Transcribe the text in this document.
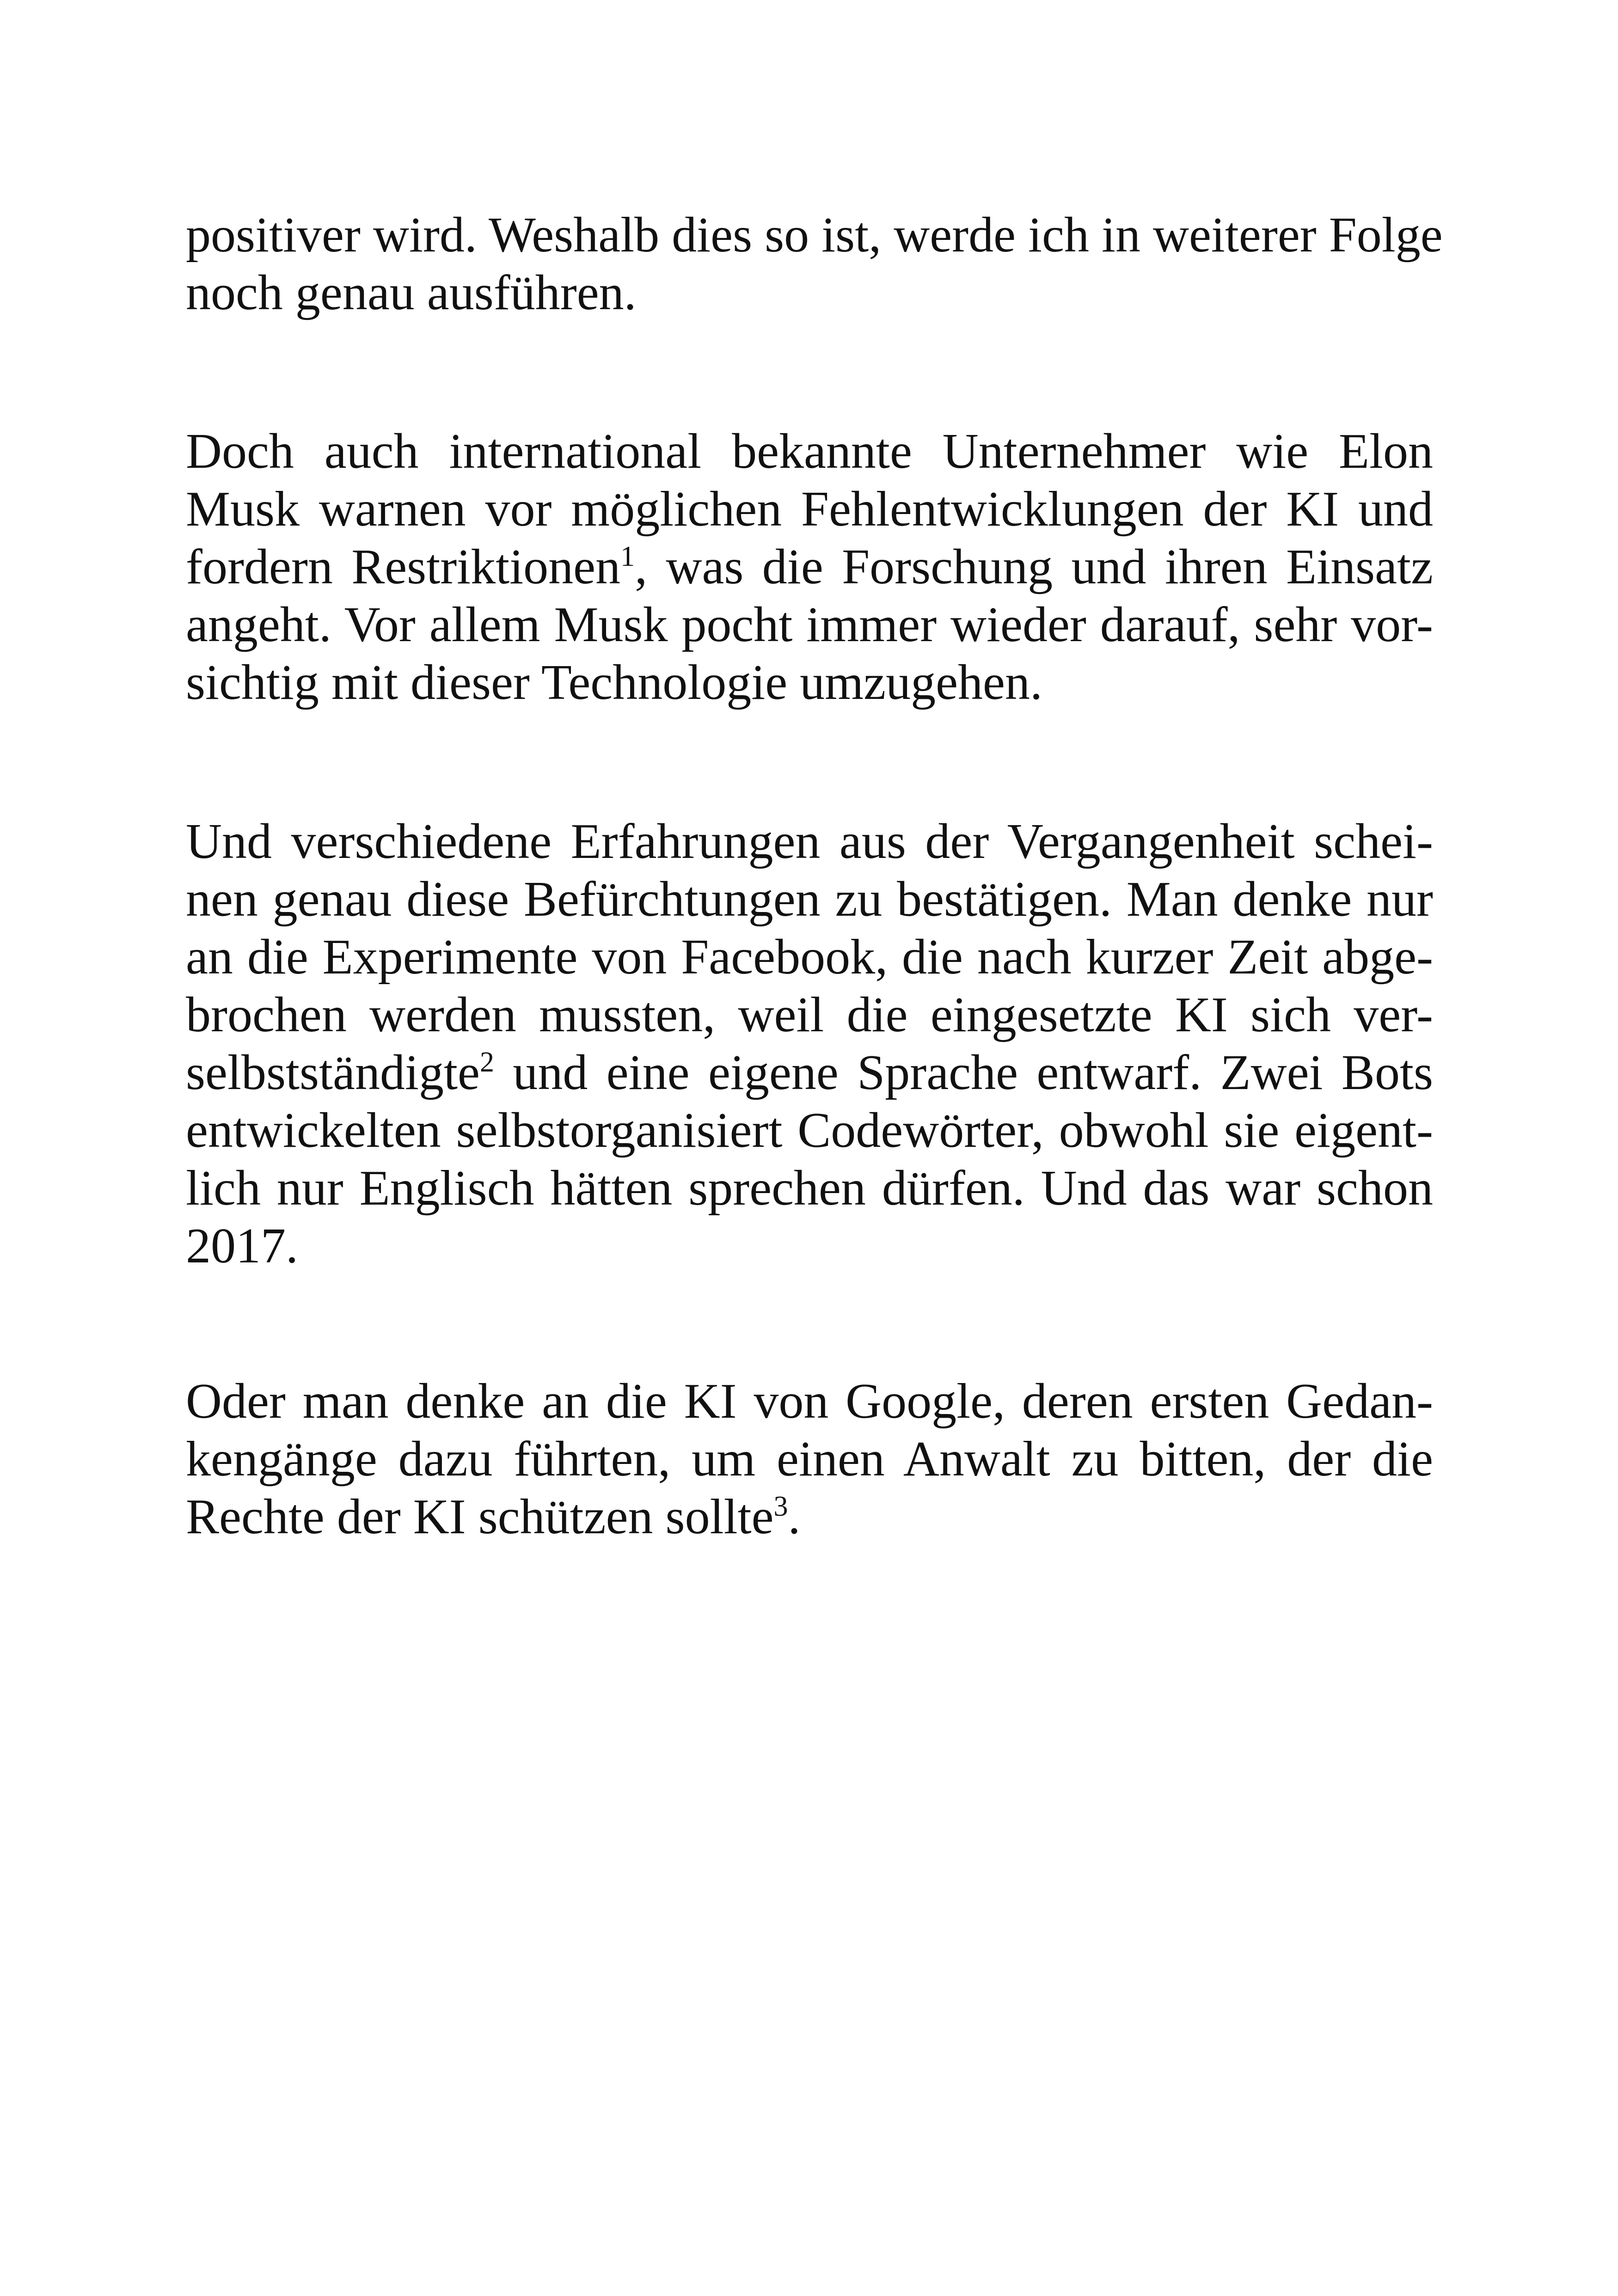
positiver wird. Weshalb dies so ist, werde ich in weiterer Folge
noch genau ausführen.
Doch auch international bekannte Unternehmer wie Elon
Musk warnen vor möglichen Fehlentwicklungen der KI und
fordern Restriktionen$^1$, was die Forschung und ihren Einsatz
angeht. Vor allem Musk pocht immer wieder darauf, sehr vor-
sichtig mit dieser Technologie umzugehen.
Und verschiedene Erfahrungen aus der Vergangenheit schei-
nen genau diese Befürchtungen zu bestätigen. Man denke nur
an die Experimente von Facebook, die nach kurzer Zeit abge-
brochen werden mussten, weil die eingesetzte KI sich ver-
selbstständigte$^2$ und eine eigene Sprache entwarf. Zwei Bots
entwickelten selbstorganisiert Codewörter, obwohl sie eigent-
lich nur Englisch hätten sprechen dürfen. Und das war schon
2017.
Oder man denke an die KI von Google, deren ersten Gedan-
kengänge dazu führten, um einen Anwalt zu bitten, der die
Rechte der KI schützen sollte$^3$.
